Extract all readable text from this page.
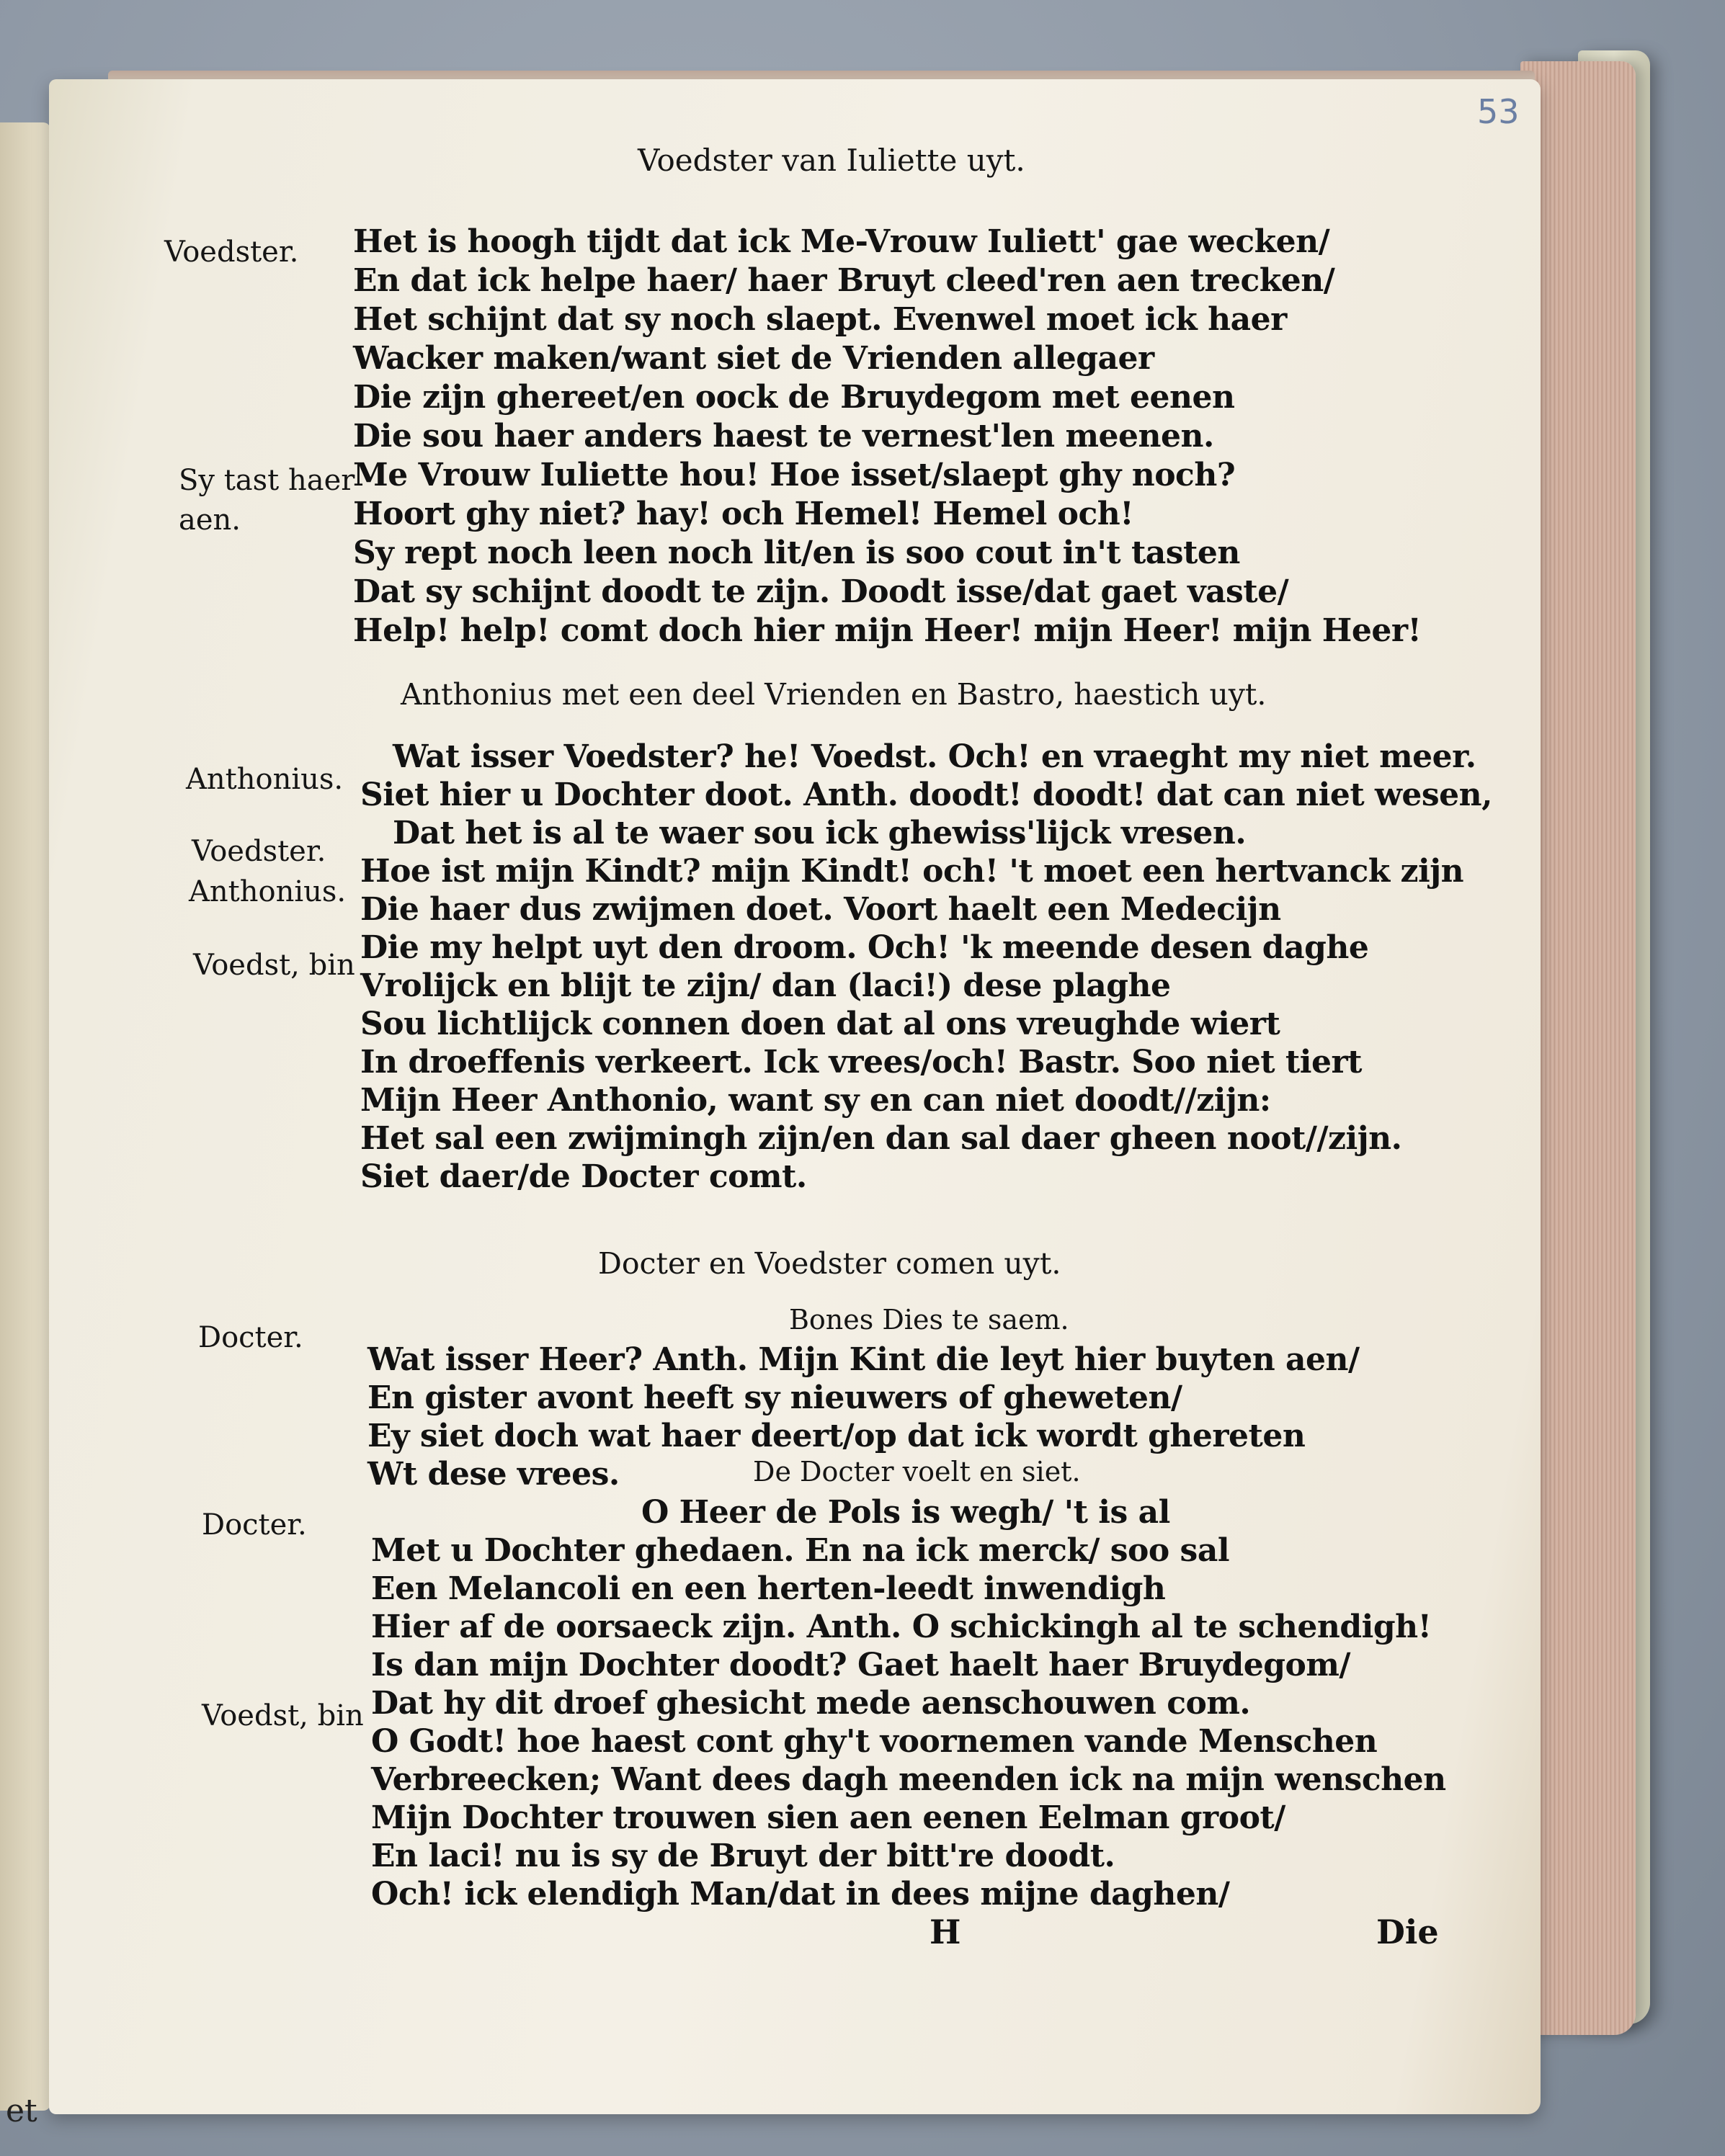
et
53
Voedster van Iuliette uyt.
Voedster.
Sy tast haer
aen.
Het is hoogh tijdt dat ick Me-Vrouw Iuliett' gae wecken/
En dat ick helpe haer/ haer Bruyt cleed'ren aen trecken/
Het schijnt dat sy noch slaept. Evenwel moet ick haer
Wacker maken/want siet de Vrienden allegaer
Die zijn ghereet/en oock de Bruydegom met eenen
Die sou haer anders haest te vernest'len meenen.
Me Vrouw Iuliette hou! Hoe isset/slaept ghy noch?
Hoort ghy niet? hay! och Hemel! Hemel och!
Sy rept noch leen noch lit/en is soo cout in't tasten
Dat sy schijnt doodt te zijn. Doodt isse/dat gaet vaste/
Help! help! comt doch hier mijn Heer! mijn Heer! mijn Heer!
Anthonius met een deel Vrienden en Bastro, haestich uyt.
Anthonius.
Voedster.
Anthonius.
Voedst, bin
Wat isser Voedster? he! Voedst. Och! en vraeght my niet meer.
Siet hier u Dochter doot. Anth. doodt! doodt! dat can niet wesen,
Dat het is al te waer sou ick ghewiss'lijck vresen.
Hoe ist mijn Kindt? mijn Kindt! och! 't moet een hertvanck zijn
Die haer dus zwijmen doet. Voort haelt een Medecijn
Die my helpt uyt den droom. Och! 'k meende desen daghe
Vrolijck en blijt te zijn/ dan (laci!) dese plaghe
Sou lichtlijck connen doen dat al ons vreughde wiert
In droeffenis verkeert. Ick vrees/och! Bastr. Soo niet tiert
Mijn Heer Anthonio, want sy en can niet doodt//zijn:
Het sal een zwijmingh zijn/en dan sal daer gheen noot//zijn.
Siet daer/de Docter comt.
Docter en Voedster comen uyt.
Docter.
Bones Dies te saem.
Wat isser Heer? Anth. Mijn Kint die leyt hier buyten aen/
En gister avont heeft sy nieuwers of gheweten/
Ey siet doch wat haer deert/op dat ick wordt ghereten
Wt dese vrees.	De Docter voelt en siet.
Docter.	O Heer de Pols is wegh/ 't is al
Met u Dochter ghedaen. En na ick merck/ soo sal
Een Melancoli en een herten-leedt inwendigh
Hier af de oorsaeck zijn. Anth. O schickingh al te schendigh!
Is dan mijn Dochter doodt? Gaet haelt haer Bruydegom/
Voedst, bin Dat hy dit droef ghesicht mede aenschouwen com.
O Godt! hoe haest cont ghy't voornemen vande Menschen
Verbreecken; Want dees dagh meenden ick na mijn wenschen
Mijn Dochter trouwen sien aen eenen Eelman groot/
En laci! nu is sy de Bruyt der bitt're doodt.
Och! ick elendigh Man/dat in dees mijne daghen/
H	Die
